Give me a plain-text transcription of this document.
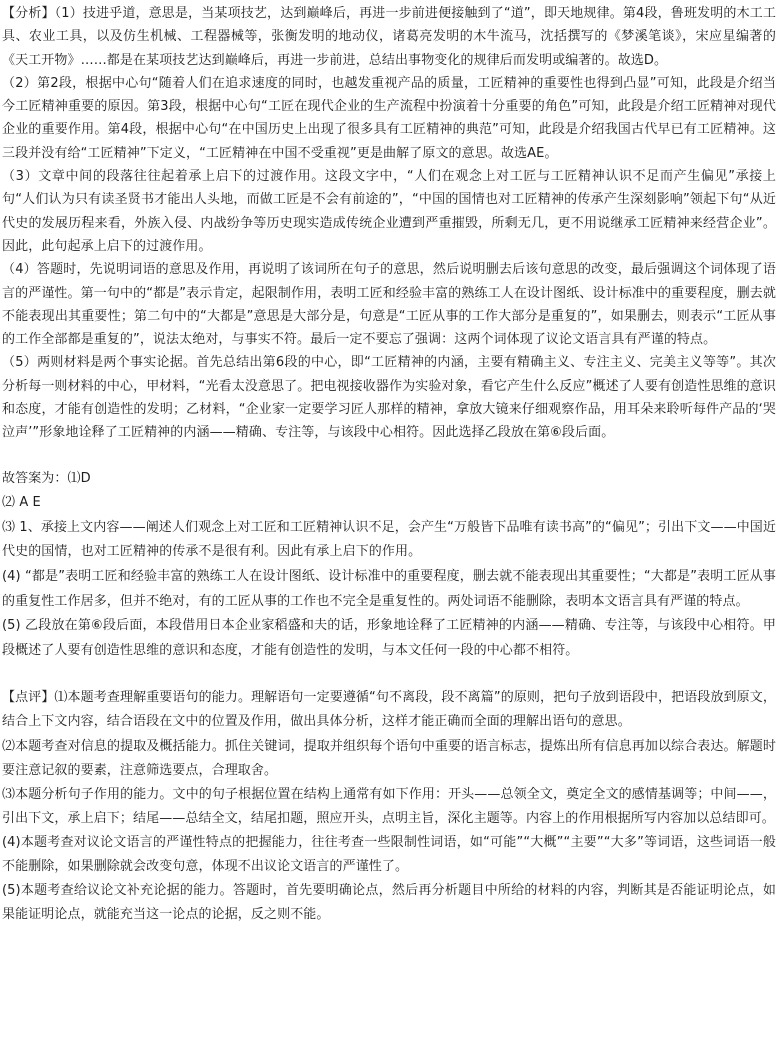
【分析】（1）技进乎道，意思是，当某项技艺，达到巅峰后，再进一步前进便接触到了“道”，即天地规律。第4段，鲁班发明的木工工具、农业工具，以及仿生机械、工程器械等，张衡发明的地动仪，诸葛亮发明的木牛流马，沈括撰写的《梦溪笔谈》，宋应星编著的《天工开物》……都是在某项技艺达到巅峰后，再进一步前进，总结出事物变化的规律后而发明或编著的。故选D。

（2）第2段，根据中心句“随着人们在追求速度的同时，也越发重视产品的质量，工匠精神的重要性也得到凸显”可知，此段是介绍当今工匠精神重要的原因。第3段，根据中心句“工匠在现代企业的生产流程中扮演着十分重要的角色”可知，此段是介绍工匠精神对现代企业的重要作用。第4段，根据中心句“在中国历史上出现了很多具有工匠精神的典范”可知，此段是介绍我国古代早已有工匠精神。这三段并没有给“工匠精神”下定义，“工匠精神在中国不受重视”更是曲解了原文的意思。故选AE。

（3）文章中间的段落往往起着承上启下的过渡作用。这段文字中，“人们在观念上对工匠与工匠精神认识不足而产生偏见”承接上句“人们认为只有读圣贤书才能出人头地，而做工匠是不会有前途的”，“中国的国情也对工匠精神的传承产生深刻影响”领起下句“从近代史的发展历程来看，外族入侵、内战纷争等历史现实造成传统企业遭到严重摧毁，所剩无几，更不用说继承工匠精神来经营企业”。因此，此句起承上启下的过渡作用。

（4）答题时，先说明词语的意思及作用，再说明了该词所在句子的意思，然后说明删去后该句意思的改变，最后强调这个词体现了语言的严谨性。第一句中的“都是”表示肯定，起限制作用，表明工匠和经验丰富的熟练工人在设计图纸、设计标准中的重要程度，删去就不能表现出其重要性；第二句中的“大都是”意思是大部分是，句意是“工匠从事的工作大部分是重复的”，如果删去，则表示“工匠从事的工作全部都是重复的”，说法太绝对，与事实不符。最后一定不要忘了强调：这两个词体现了议论文语言具有严谨的特点。

（5）两则材料是两个事实论据。首先总结出第6段的中心，即“工匠精神的内涵，主要有精确主义、专注主义、完美主义等等”。其次分析每一则材料的中心，甲材料，“光看太没意思了。把电视接收器作为实验对象，看它产生什么反应”概述了人要有创造性思维的意识和态度，才能有创造性的发明；乙材料，“企业家一定要学习匠人那样的精神，拿放大镜来仔细观察作品，用耳朵来聆听每件产品的‘哭泣声’”形象地诠释了工匠精神的内涵——精确、专注等，与该段中心相符。因此选择乙段放在第⑥段后面。

故答案为：⑴D

⑵ A E

⑶ 1、承接上文内容——阐述人们观念上对工匠和工匠精神认识不足，会产生“万般皆下品唯有读书高”的“偏见”；引出下文——中国近代史的国情，也对工匠精神的传承不是很有利。因此有承上启下的作用。

(4) “都是”表明工匠和经验丰富的熟练工人在设计图纸、设计标准中的重要程度，删去就不能表现出其重要性；“大都是”表明工匠从事的重复性工作居多，但并不绝对，有的工匠从事的工作也不完全是重复性的。两处词语不能删除，表明本文语言具有严谨的特点。

(5) 乙段放在第⑥段后面，本段借用日本企业家稻盛和夫的话，形象地诠释了工匠精神的内涵——精确、专注等，与该段中心相符。甲段概述了人要有创造性思维的意识和态度，才能有创造性的发明，与本文任何一段的中心都不相符。

【点评】⑴本题考查理解重要语句的能力。理解语句一定要遵循“句不离段，段不离篇”的原则，把句子放到语段中，把语段放到原文，结合上下文内容，结合语段在文中的位置及作用，做出具体分析，这样才能正确而全面的理解出语句的意思。

⑵本题考查对信息的提取及概括能力。抓住关键词，提取并组织每个语句中重要的语言标志，提炼出所有信息再加以综合表达。解题时要注意记叙的要素，注意筛选要点，合理取舍。

⑶本题分析句子作用的能力。文中的句子根据位置在结构上通常有如下作用：开头——总领全文，奠定全文的感情基调等；中间——，引出下文，承上启下；结尾——总结全文，结尾扣题，照应开头，点明主旨，深化主题等。内容上的作用根据所写内容加以总结即可。

(4)本题考查对议论文语言的严谨性特点的把握能力，往往考查一些限制性词语，如“可能”“大概”“主要”“大多”等词语，这些词语一般不能删除，如果删除就会改变句意，体现不出议论文语言的严谨性了。

(5)本题考查给议论文补充论据的能力。答题时，首先要明确论点，然后再分析题目中所给的材料的内容，判断其是否能证明论点，如果能证明论点，就能充当这一论点的论据，反之则不能。
